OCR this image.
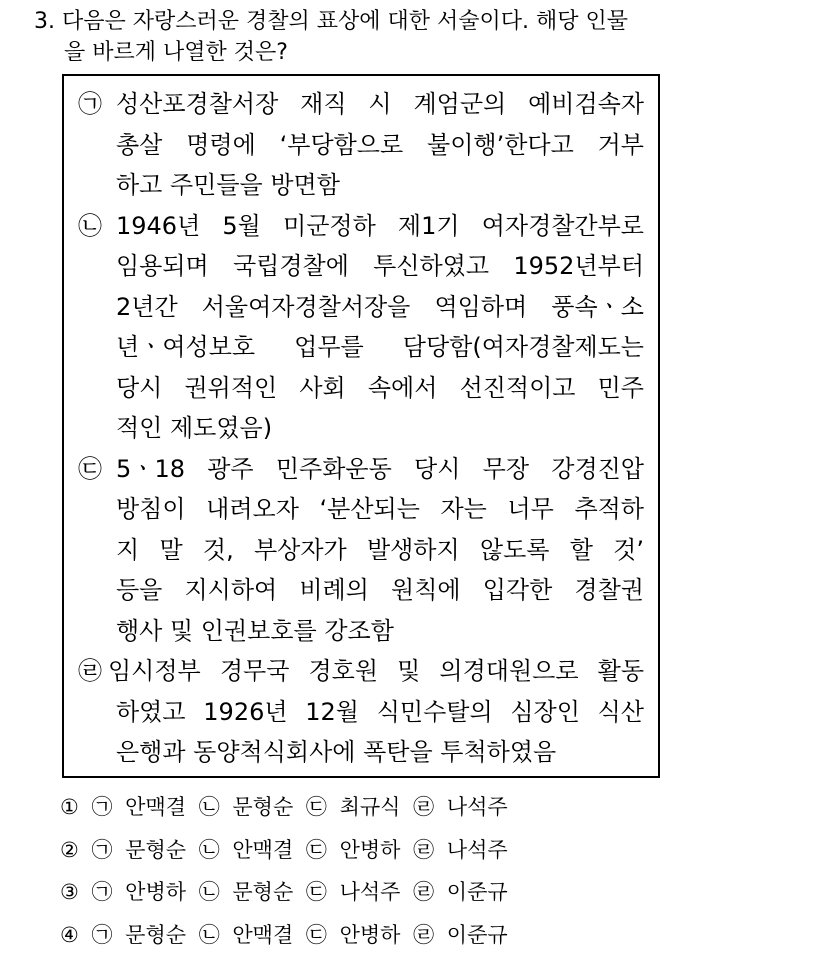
3. 다음은 자랑스러운 경찰의 표상에 대한 서술이다. 해당 인물
을 바르게 나열한 것은?
㉠ 성산포경찰서장 재직 시 계엄군의 예비검속자
총살 명령에 ‘부당함으로 불이행’한다고 거부
하고 주민들을 방면함
㉡ 1946년 5월 미군정하 제1기 여자경찰간부로
임용되며 국립경찰에 투신하였고 1952년부터
2년간 서울여자경찰서장을 역임하며 풍속ㆍ소
년ㆍ여성보호 업무를 담당함(여자경찰제도는
당시 권위적인 사회 속에서 선진적이고 민주
적인 제도였음)
㉢ 5ㆍ18 광주 민주화운동 당시 무장 강경진압
방침이 내려오자 ‘분산되는 자는 너무 추적하
지 말 것, 부상자가 발생하지 않도록 할 것’
등을 지시하여 비례의 원칙에 입각한 경찰권
행사 및 인권보호를 강조함
㉣ 임시정부 경무국 경호원 및 의경대원으로 활동
하였고 1926년 12월 식민수탈의 심장인 식산
은행과 동양척식회사에 폭탄을 투척하였음
① ㉠ 안맥결 ㉡ 문형순 ㉢ 최규식 ㉣ 나석주
② ㉠ 문형순 ㉡ 안맥결 ㉢ 안병하 ㉣ 나석주
③ ㉠ 안병하 ㉡ 문형순 ㉢ 나석주 ㉣ 이준규
④ ㉠ 문형순 ㉡ 안맥결 ㉢ 안병하 ㉣ 이준규
